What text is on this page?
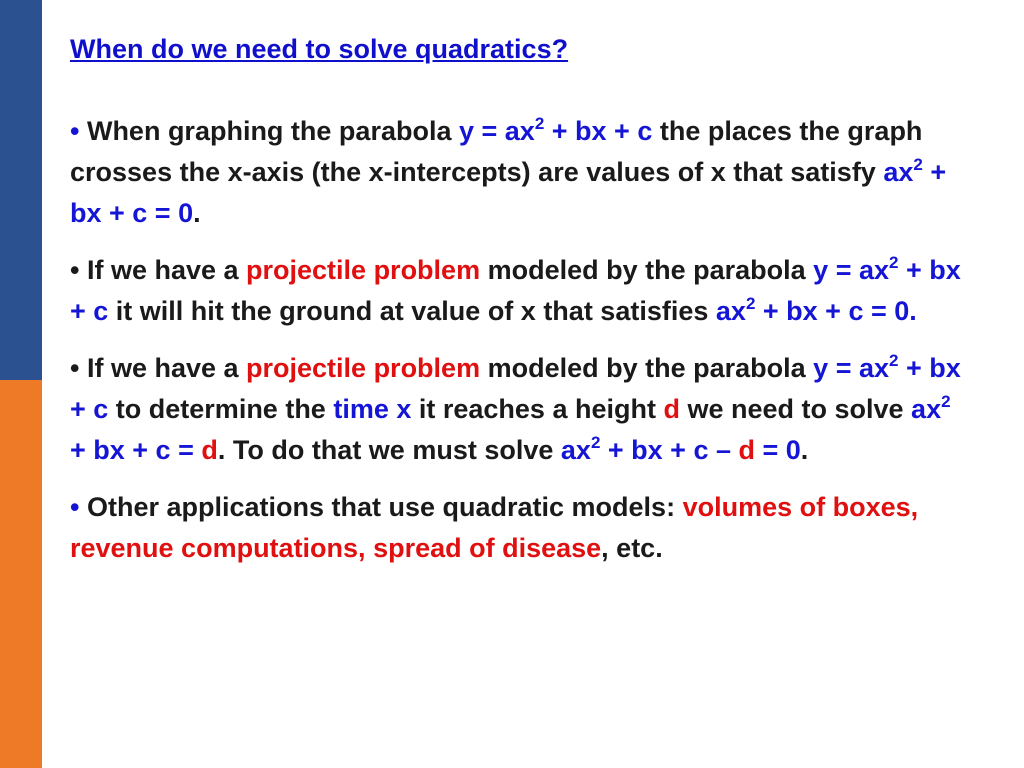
When do we need to solve quadratics?

• When graphing the parabola $y = ax^2$ + bx + c the places the graph crosses the x-axis (the x-intercepts) are values of x that satisfy $ax^2$ + bx + c = 0.

• If we have a projectile problem modeled by the parabola $y = ax^2$ + bx + c it will hit the ground at value of x that satisfies $ax^2$ + bx + c = 0.

• If we have a projectile problem modeled by the parabola $y = ax^2$ + bx + c to determine the time x it reaches a height d we need to solve $ax^2$ + bx + c = d. To do that we must solve $ax^2$ + bx + c – d = 0.

• Other applications that use quadratic models: volumes of boxes, revenue computations, spread of disease, etc.
